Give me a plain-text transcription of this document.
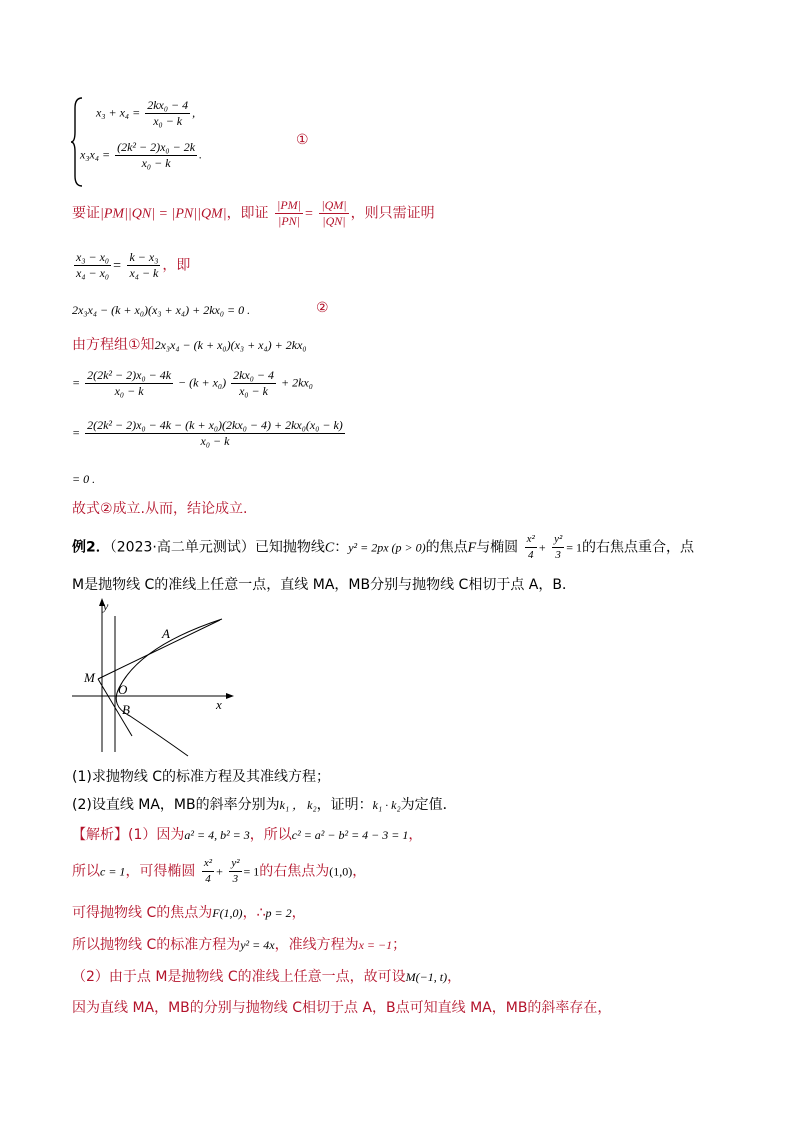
$x_3 + x_4 = \frac{\text{2kx₀ − 4}}{\text{x₀ − k}}$ ,
$x_3x_4 = \frac{\text{(2k² − 2)x₀ − 2k}}{\text{x₀ − k}}$ .
①
要证|PM||QN| = |PN||QM|，即证 $\frac{|PM|}{|PN|} = \frac{|QM|}{|QN|}$ ，则只需证明
$\frac{\text{x₃ − x₀}}{\text{x₄ − x₀}} = \frac{\text{k − x₃}}{\text{x₄ − k}}$ ，即
2x₃x₄ − (k + x₀)(x₃ + x₄) + 2kx₀ = 0 .	②
由方程组①知2x₃x₄ − (k + x₀)(x₃ + x₄) + 2kx₀
= $\frac{\text{2(2k² − 2)x₀ − 4k}}{\text{x₀ − k}} - (k + x_0) \frac{\text{2kx₀ − 4}}{\text{x₀ − k}} + 2kx_0$
= $\frac{\text{2(2k² − 2)x₀ − 4k − (k + x₀)(2kx₀ − 4) + 2kx₀(x₀ − k)}}{\text{x₀ − k}}$
= 0 .
故式②成立.从而，结论成立.
例2．（2023·高二单元测试）已知抛物线C：y² = 2px (p > 0)的焦点F与椭圆 $\frac{\text{x²}}{4} + \frac{\text{y²}}{3} = 1$的右焦点重合，点
M是抛物线 C的准线上任意一点，直线 MA，MB分别与抛物线 C相切于点 A，B．
y
x
M
O
A
B
(1)求抛物线 C的标准方程及其准线方程；
(2)设直线 MA，MB的斜率分别为k₁ ， k₂，证明：k₁ · k₂为定值．
【解析】(1）因为a² = 4, b² = 3，所以c² = a² − b² = 4 − 3 = 1，
所以c = 1，可得椭圆 $\frac{\text{x²}}{4} + \frac{\text{y²}}{3} = 1$的右焦点为(1,0)，
可得抛物线 C的焦点为F(1,0)，∴p = 2，
所以抛物线 C的标准方程为y² = 4x，准线方程为x = −1；
（2）由于点 M是抛物线 C的准线上任意一点，故可设M(−1, t)，
因为直线 MA，MB的分别与抛物线 C相切于点 A，B点可知直线 MA，MB的斜率存在，
